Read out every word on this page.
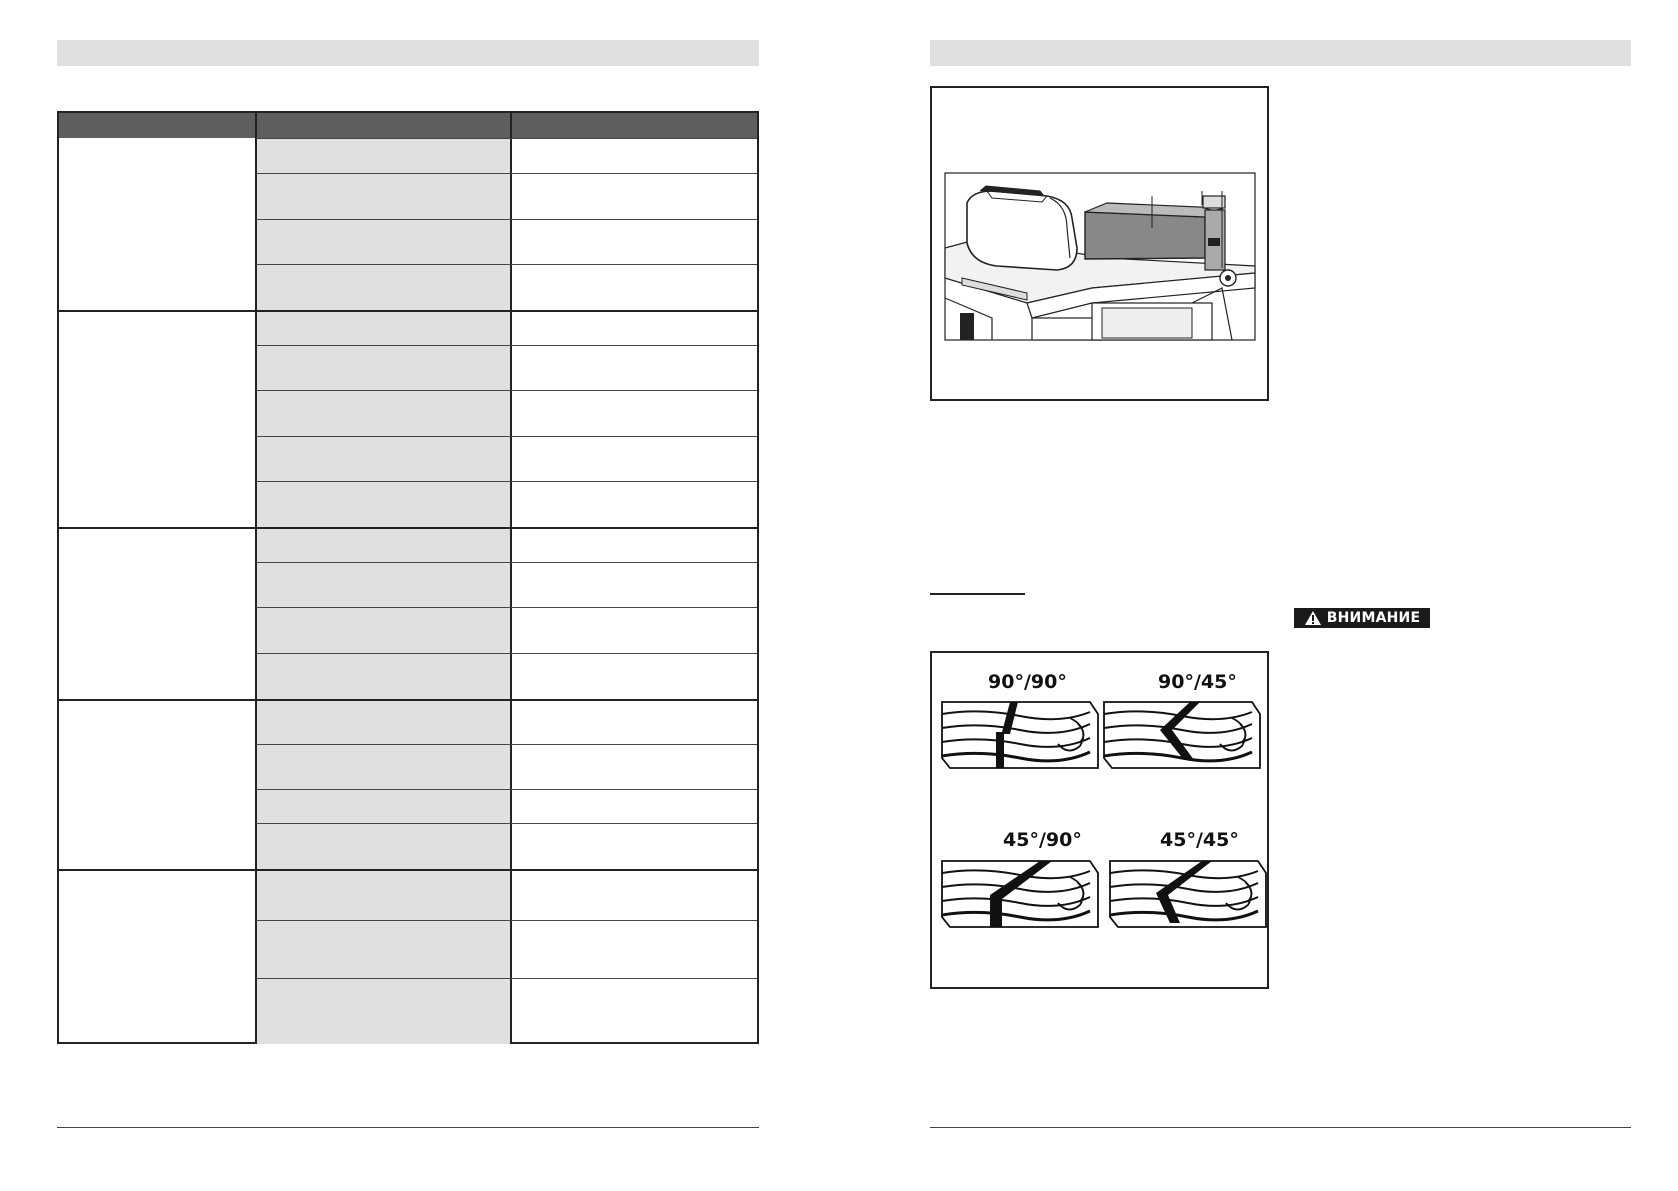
ВНИМАНИЕ
90°/90°	90°/45°
45°/90°	45°/45°
